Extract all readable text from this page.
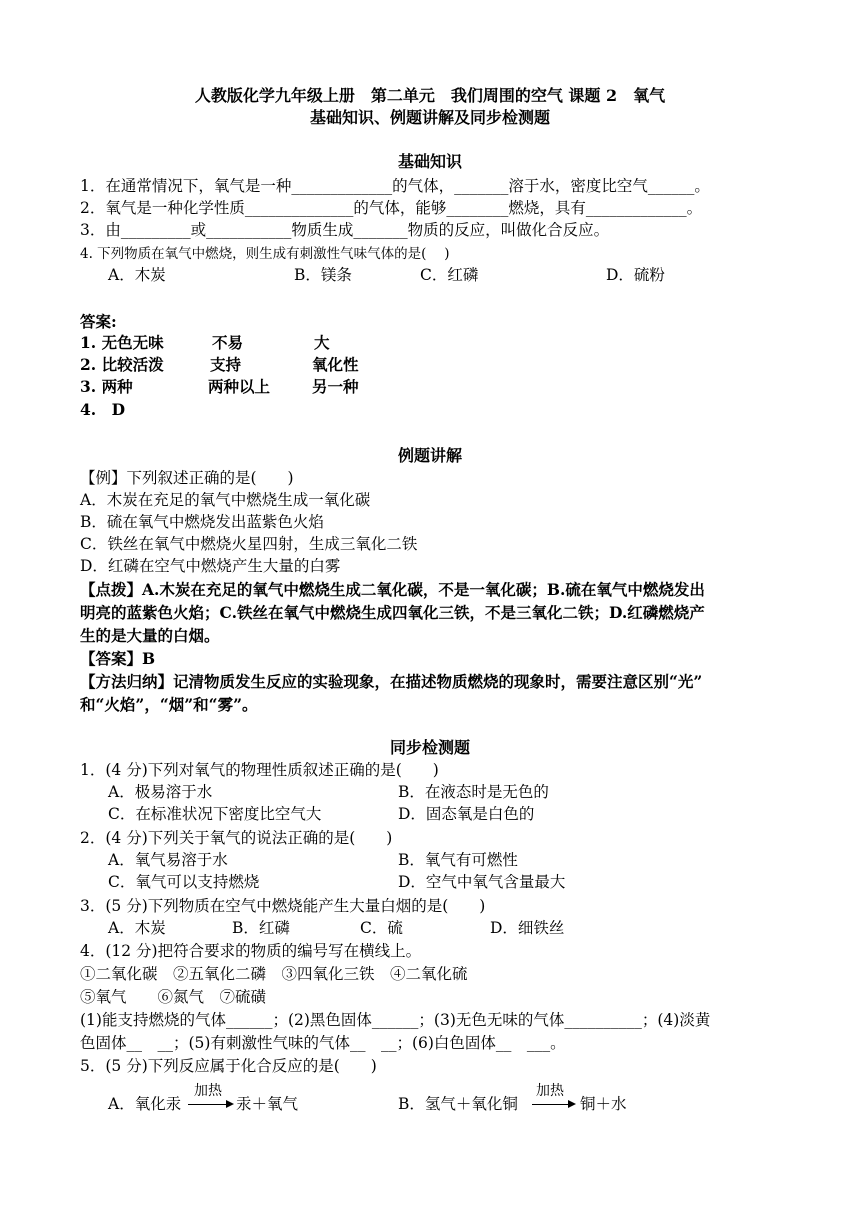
人教版化学九年级上册　第二单元　我们周围的空气 课题 2　氧气
基础知识、例题讲解及同步检测题
基础知识
1．在通常情况下，氧气是一种_____________的气体，_______溶于水，密度比空气______。
2．氧气是一种化学性质______________的气体，能够________燃烧，具有_____________。
3．由_________或___________物质生成_______物质的反应，叫做化合反应。
4. 下列物质在氧气中燃烧，则生成有刺激性气味气体的是(　 )
A．木炭	B．镁条	C．红磷	D．硫粉
答案:
1. 无色无味	不易	大
2. 比较活泼	支持	氧化性
3. 两种	两种以上	另一种
4.　D
例题讲解
【例】下列叙述正确的是(　　)
A．木炭在充足的氧气中燃烧生成一氧化碳
B．硫在氧气中燃烧发出蓝紫色火焰
C．铁丝在氧气中燃烧火星四射，生成三氧化二铁
D．红磷在空气中燃烧产生大量的白雾
【点拨】A.木炭在充足的氧气中燃烧生成二氧化碳，不是一氧化碳；B.硫在氧气中燃烧发出
明亮的蓝紫色火焰；C.铁丝在氧气中燃烧生成四氧化三铁，不是三氧化二铁；D.红磷燃烧产
生的是大量的白烟。
【答案】B
【方法归纳】记清物质发生反应的实验现象，在描述物质燃烧的现象时，需要注意区别“光”
和“火焰”，“烟”和“雾”。
同步检测题
1．(4 分)下列对氧气的物理性质叙述正确的是(　　)
A．极易溶于水	B．在液态时是无色的
C．在标准状况下密度比空气大	D．固态氧是白色的
2．(4 分)下列关于氧气的说法正确的是(　　)
A．氧气易溶于水	B．氧气有可燃性
C．氧气可以支持燃烧	D．空气中氧气含量最大
3．(5 分)下列物质在空气中燃烧能产生大量白烟的是(　　)
A．木炭	B．红磷	C．硫	D．细铁丝
4．(12 分)把符合要求的物质的编号写在横线上。
①二氧化碳　②五氧化二磷　③四氧化三铁　④二氧化硫
⑤氧气　　⑥氮气　⑦硫磺
(1)能支持燃烧的气体______；(2)黑色固体______；(3)无色无味的气体__________；(4)淡黄
色固体__　__；(5)有刺激性气味的气体__　__；(6)白色固体__　___。
5．(5 分)下列反应属于化合反应的是(　　)
A．氧化汞
加热
汞＋氧气	B．氢气＋氧化铜
加热
铜＋水
